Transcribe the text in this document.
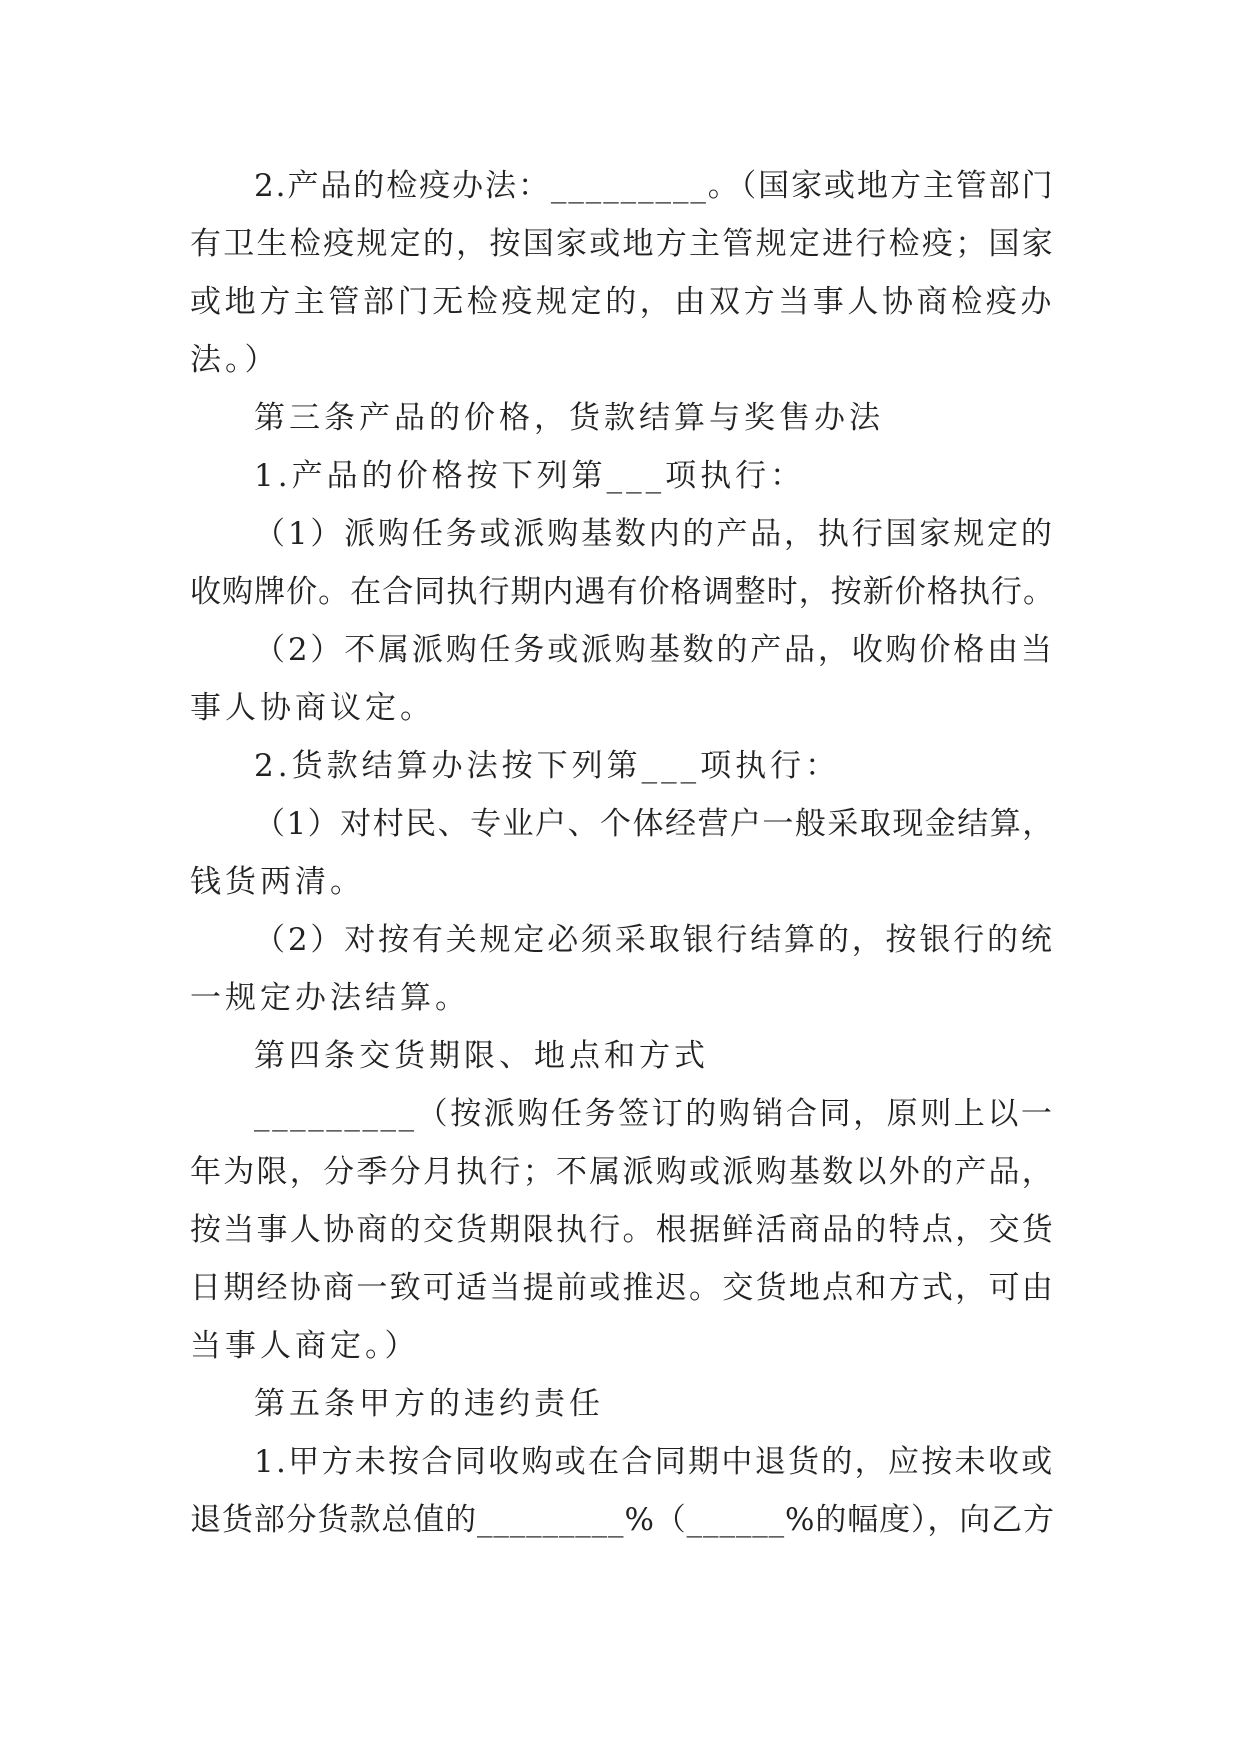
2.产品的检疫办法：_________。（国家或地方主管部门
有卫生检疫规定的，按国家或地方主管规定进行检疫；国家
或地方主管部门无检疫规定的，由双方当事人协商检疫办
法。）
第三条产品的价格，货款结算与奖售办法
1.产品的价格按下列第___项执行：
（1）派购任务或派购基数内的产品，执行国家规定的
收购牌价。在合同执行期内遇有价格调整时，按新价格执行。
（2）不属派购任务或派购基数的产品，收购价格由当
事人协商议定。
2.货款结算办法按下列第___项执行：
（1）对村民、专业户、个体经营户一般采取现金结算，
钱货两清。
（2）对按有关规定必须采取银行结算的，按银行的统
一规定办法结算。
第四条交货期限、地点和方式
_________（按派购任务签订的购销合同，原则上以一
年为限，分季分月执行；不属派购或派购基数以外的产品，
按当事人协商的交货期限执行。根据鲜活商品的特点，交货
日期经协商一致可适当提前或推迟。交货地点和方式，可由
当事人商定。）
第五条甲方的违约责任
1.甲方未按合同收购或在合同期中退货的，应按未收或
退货部分货款总值的_________%（______%的幅度），向乙方
